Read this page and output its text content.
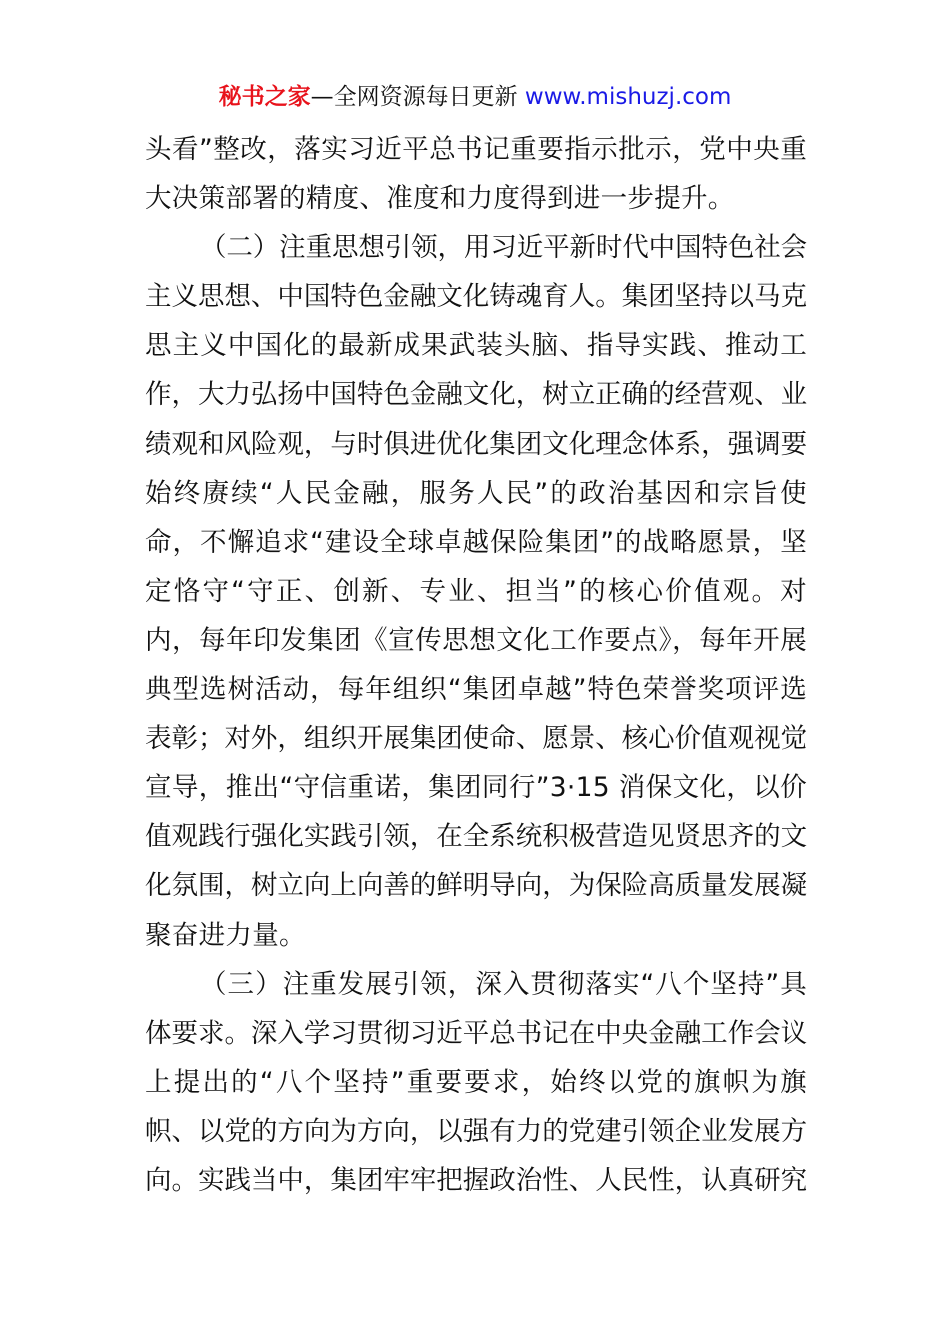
秘书之家—全网资源每日更新 www.mishuzj.com

头看”整改，落实习近平总书记重要指示批示，党中央重
大决策部署的精度、准度和力度得到进一步提升。

（二）注重思想引领，用习近平新时代中国特色社会
主义思想、中国特色金融文化铸魂育人。集团坚持以马克
思主义中国化的最新成果武装头脑、指导实践、推动工
作，大力弘扬中国特色金融文化，树立正确的经营观、业
绩观和风险观，与时俱进优化集团文化理念体系，强调要
始终赓续“人民金融，服务人民”的政治基因和宗旨使
命，不懈追求“建设全球卓越保险集团”的战略愿景，坚
定恪守“守正、创新、专业、担当”的核心价值观。对
内，每年印发集团《宣传思想文化工作要点》，每年开展
典型选树活动，每年组织“集团卓越”特色荣誉奖项评选
表彰；对外，组织开展集团使命、愿景、核心价值观视觉
宣导，推出“守信重诺，集团同行”3·15 消保文化，以价
值观践行强化实践引领，在全系统积极营造见贤思齐的文
化氛围，树立向上向善的鲜明导向，为保险高质量发展凝
聚奋进力量。

（三）注重发展引领，深入贯彻落实“八个坚持”具
体要求。深入学习贯彻习近平总书记在中央金融工作会议
上提出的“八个坚持”重要要求，始终以党的旗帜为旗
帜、以党的方向为方向，以强有力的党建引领企业发展方
向。实践当中，集团牢牢把握政治性、人民性，认真研究
